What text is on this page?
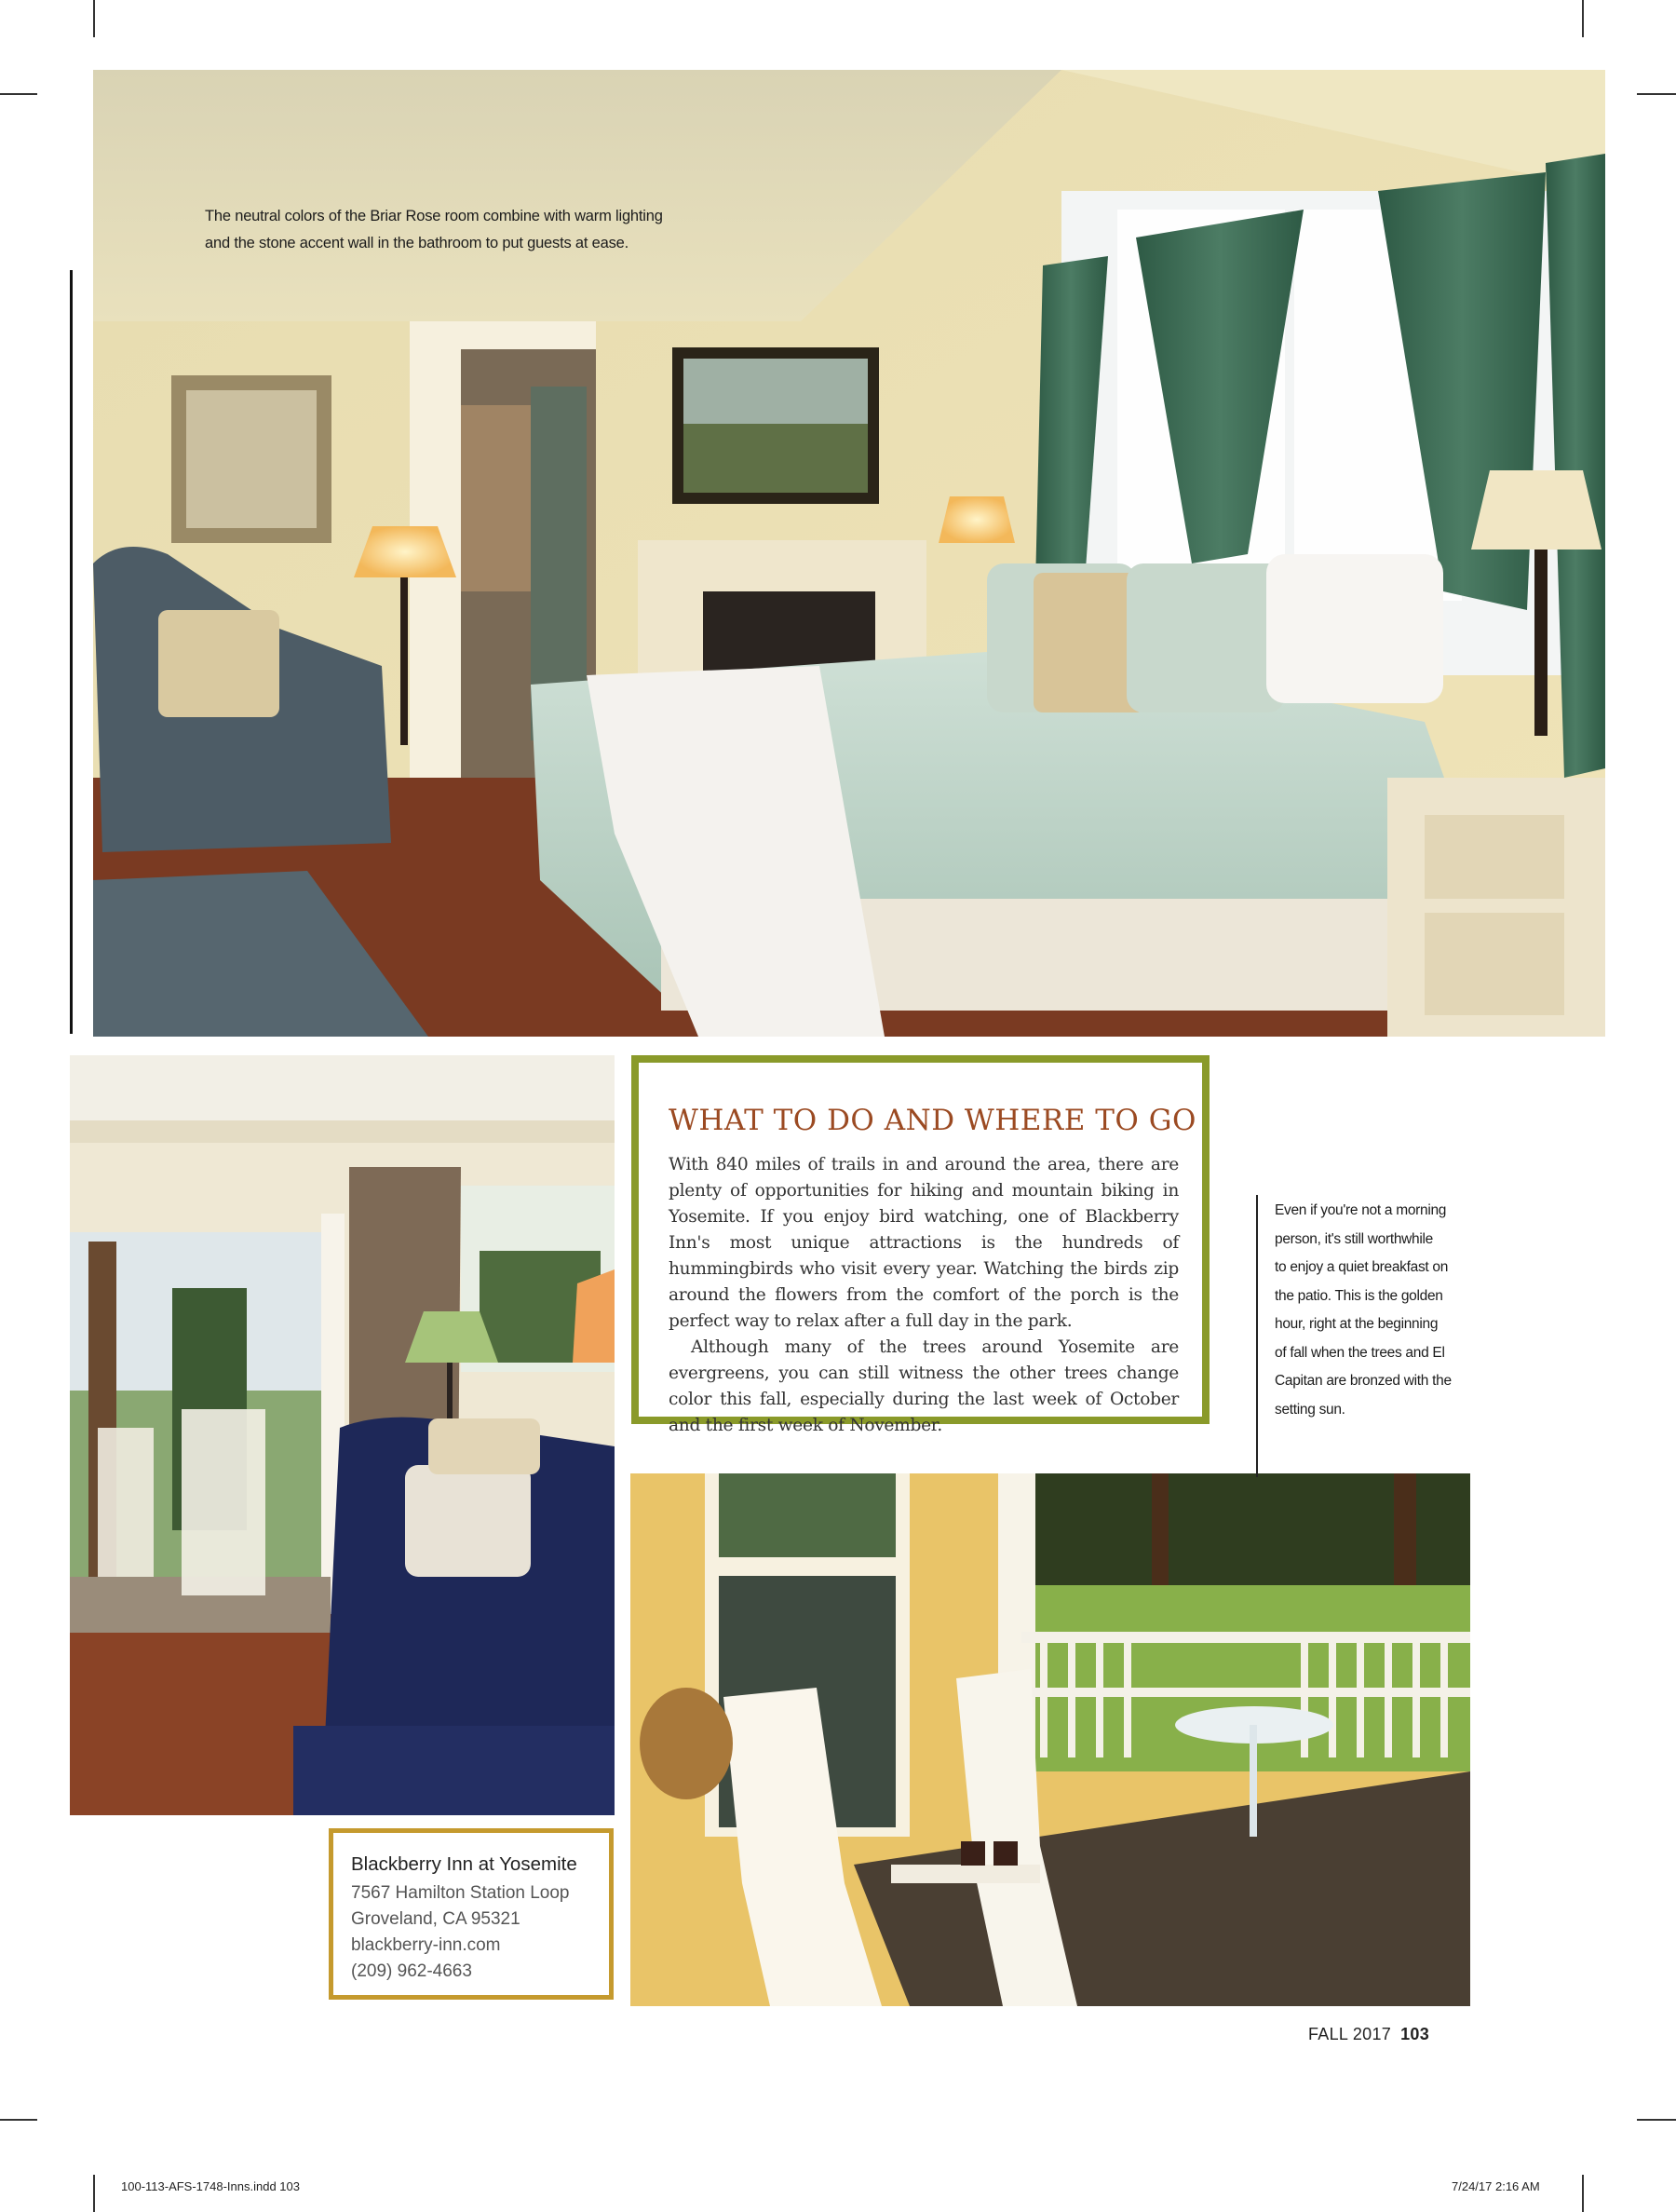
The neutral colors of the Briar Rose room combine with warm lighting
and the stone accent wall in the bathroom to put guests at ease.
WHAT TO DO AND WHERE TO GO

With 840 miles of trails in and around the area, there are plenty of opportunities for hiking and mountain biking in Yosemite. If you enjoy bird watching, one of Blackberry Inn's most unique attractions is the hundreds of hummingbirds who visit every year. Watching the birds zip around the flowers from the comfort of the porch is the perfect way to relax after a full day in the park.

Although many of the trees around Yosemite are evergreens, you can still witness the other trees change color this fall, especially during the last week of October and the first week of November.

Even if you're not a morning
person, it's still worthwhile
to enjoy a quiet breakfast on
the patio. This is the golden
hour, right at the beginning
of fall when the trees and El
Capitan are bronzed with the
setting sun.
Blackberry Inn at Yosemite
7567 Hamilton Station Loop
Groveland, CA 95321
blackberry-inn.com
(209) 962-4663
FALL 2017 103
100-113-AFS-1748-Inns.indd 103	7/24/17 2:16 AM
